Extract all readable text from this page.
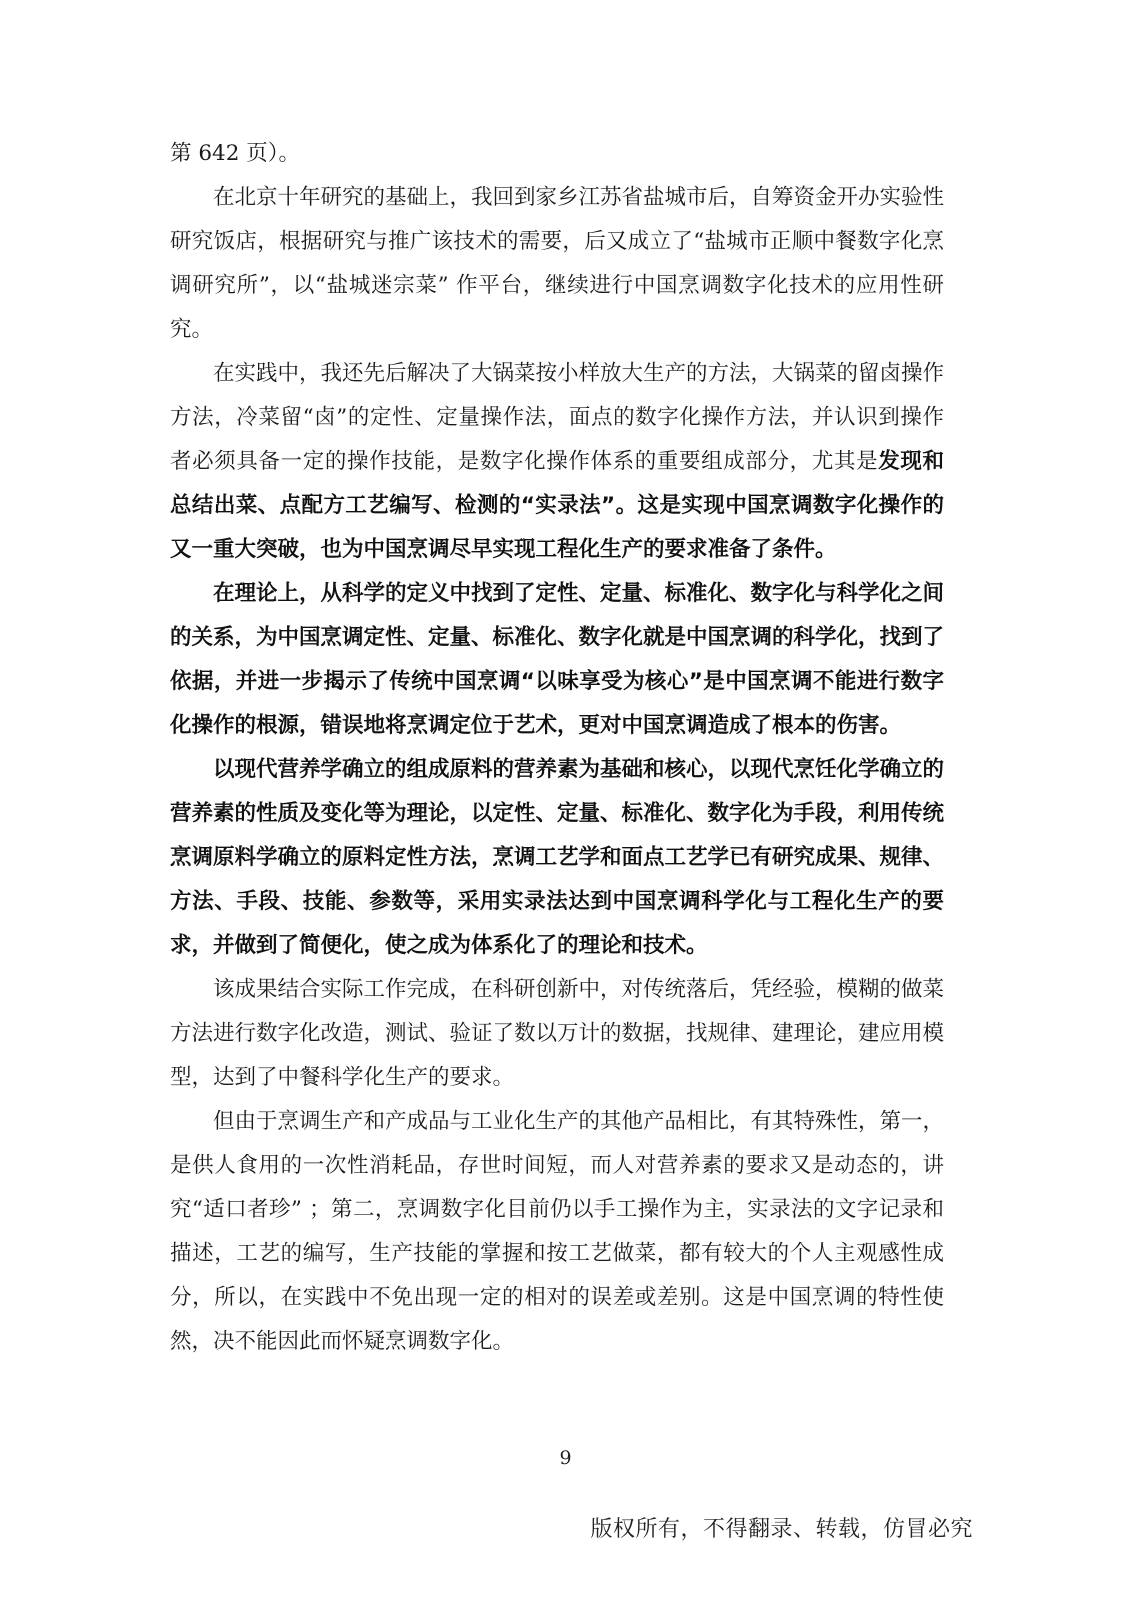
第 642 页）。

在北京十年研究的基础上，我回到家乡江苏省盐城市后，自筹资金开办实验性研究饭店，根据研究与推广该技术的需要，后又成立了“盐城市正顺中餐数字化烹调研究所”，以“盐城迷宗菜” 作平台，继续进行中国烹调数字化技术的应用性研究。

在实践中，我还先后解决了大锅菜按小样放大生产的方法，大锅菜的留卤操作方法，冷菜留“卤”的定性、定量操作法，面点的数字化操作方法，并认识到操作者必须具备一定的操作技能，是数字化操作体系的重要组成部分，尤其是发现和总结出菜、点配方工艺编写、检测的“实录法”。这是实现中国烹调数字化操作的又一重大突破，也为中国烹调尽早实现工程化生产的要求准备了条件。

在理论上，从科学的定义中找到了定性、定量、标准化、数字化与科学化之间的关系，为中国烹调定性、定量、标准化、数字化就是中国烹调的科学化，找到了依据，并进一步揭示了传统中国烹调“以味享受为核心”是中国烹调不能进行数字化操作的根源，错误地将烹调定位于艺术，更对中国烹调造成了根本的伤害。

以现代营养学确立的组成原料的营养素为基础和核心，以现代烹饪化学确立的营养素的性质及变化等为理论，以定性、定量、标准化、数字化为手段，利用传统烹调原料学确立的原料定性方法，烹调工艺学和面点工艺学已有研究成果、规律、方法、手段、技能、参数等，采用实录法达到中国烹调科学化与工程化生产的要求，并做到了简便化，使之成为体系化了的理论和技术。

该成果结合实际工作完成，在科研创新中，对传统落后，凭经验，模糊的做菜方法进行数字化改造，测试、验证了数以万计的数据，找规律、建理论，建应用模型，达到了中餐科学化生产的要求。

但由于烹调生产和产成品与工业化生产的其他产品相比，有其特殊性，第一，是供人食用的一次性消耗品，存世时间短，而人对营养素的要求又是动态的，讲究“适口者珍” ；第二，烹调数字化目前仍以手工操作为主，实录法的文字记录和描述，工艺的编写，生产技能的掌握和按工艺做菜，都有较大的个人主观感性成分，所以，在实践中不免出现一定的相对的误差或差别。这是中国烹调的特性使然，决不能因此而怀疑烹调数字化。

9
版权所有，不得翻录、转载，仿冒必究
